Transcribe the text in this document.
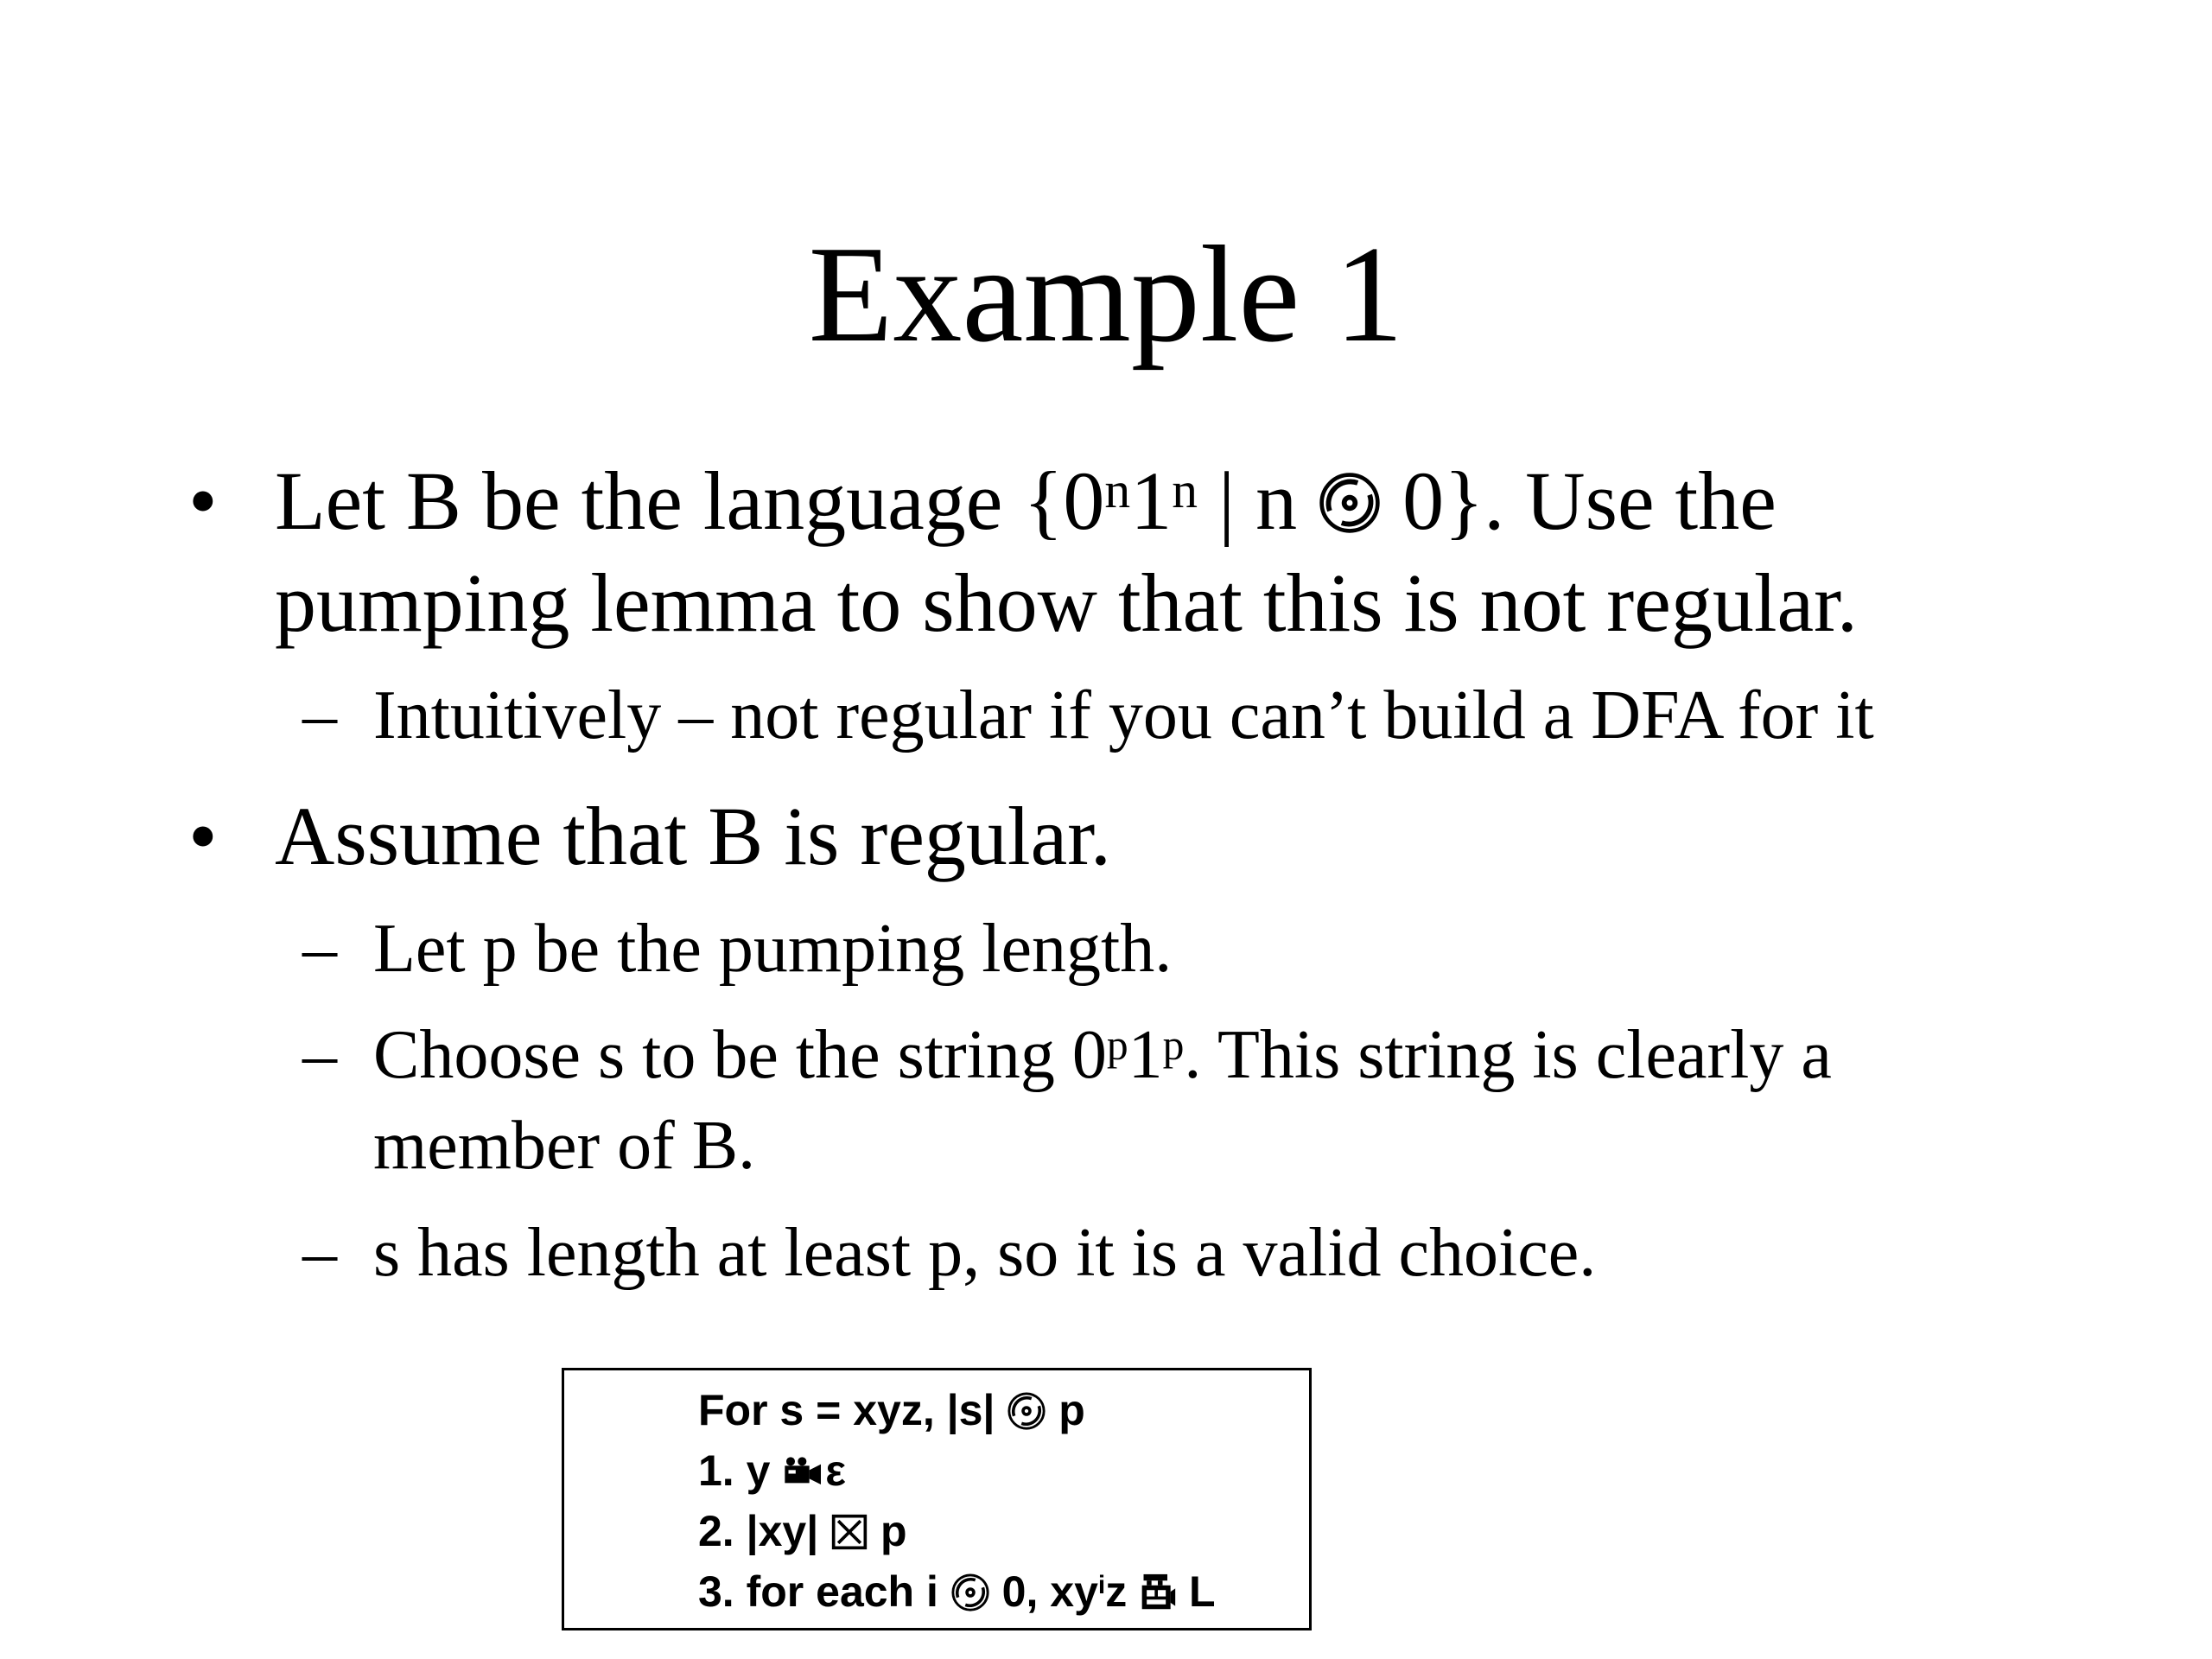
Example 1
• Let B be the language {0$^n$1$^n$ | n
0}. Use the
pumping lemma to show that this is not regular.
– Intuitively – not regular if you can’t build a DFA for it
• Assume that B is regular.
– Let p be the pumping length.
– Choose s to be the string 0$^p$1$^p$. This string is clearly a
member of B.
– s has length at least p, so it is a valid choice.
For s = xyz, |s|
p
1. y
ε
2. |xy|
p
3. for each i
0, $xy^iz$
L
